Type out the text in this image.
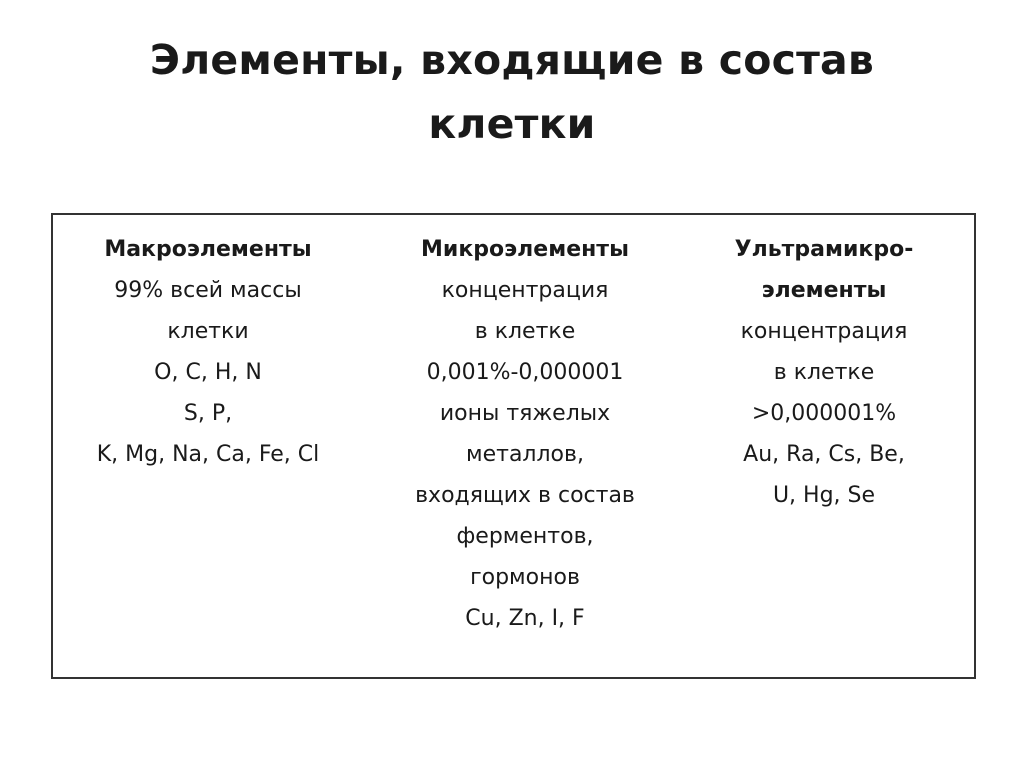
Элементы, входящие в состав
клетки
Макроэлементы
99% всей массы
клетки
O, C, H, N
S, P,
K, Mg, Na, Ca, Fe, Cl
Микроэлементы
концентрация
в клетке
0,001%-0,000001
ионы тяжелых
металлов,
входящих в состав
ферментов,
гормонов
Cu, Zn, I, F
Ультрамикро-
элементы
концентрация
в клетке
>0,000001%
Au, Ra, Cs, Be,
U, Hg, Se
